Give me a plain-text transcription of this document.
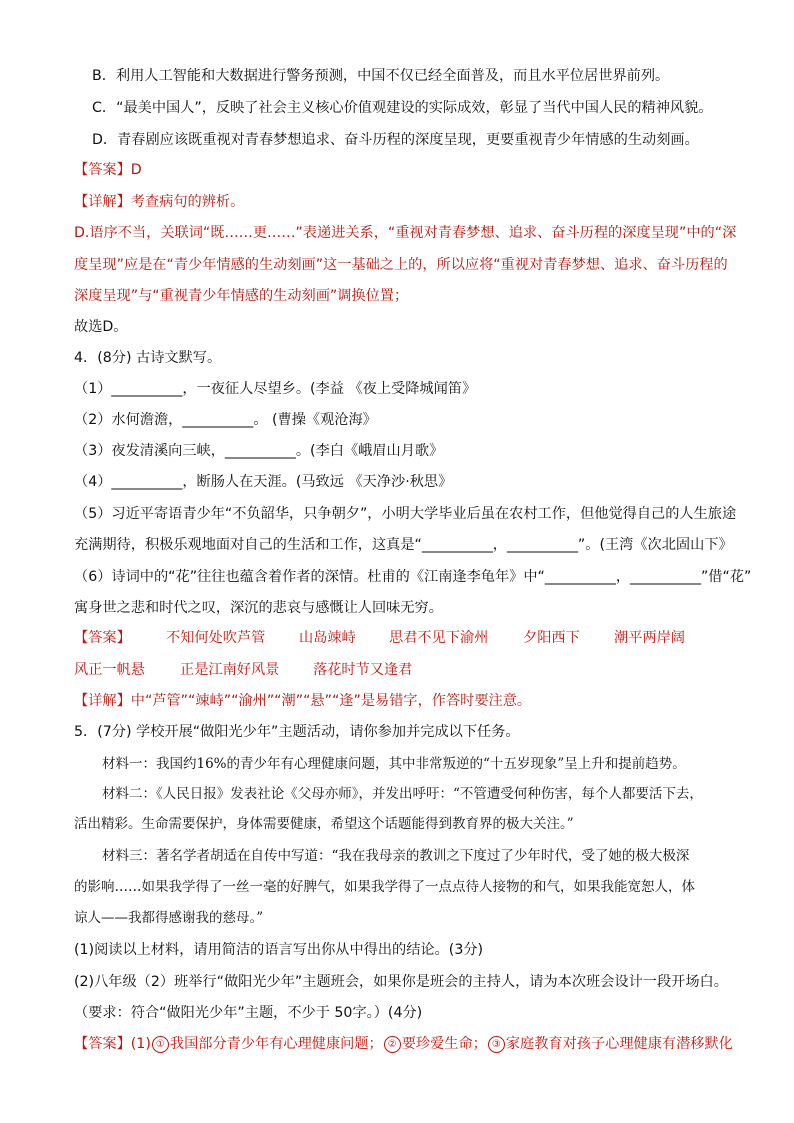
B．利用人工智能和大数据进行警务预测，中国不仅已经全面普及，而且水平位居世界前列。
C．“最美中国人”，反映了社会主义核心价值观建设的实际成效，彰显了当代中国人民的精神风貌。
D．青春剧应该既重视对青春梦想追求、奋斗历程的深度呈现，更要重视青少年情感的生动刻画。
【答案】D
【详解】考查病句的辨析。
D.语序不当，关联词“既……更……”表递进关系，“重视对青春梦想、追求、奋斗历程的深度呈现”中的“深
度呈现”应是在“青少年情感的生动刻画”这一基础之上的，所以应将“重视对青春梦想、追求、奋斗历程的
深度呈现”与“重视青少年情感的生动刻画”调换位置；
故选D。
4．(8分) 古诗文默写。
（1）__________，一夜征人尽望乡。(李益 《夜上受降城闻笛》
（2）水何澹澹，__________。 (曹操《观沧海》
（3）夜发清溪向三峡，__________。(李白《峨眉山月歌》
（4）__________，断肠人在天涯。(马致远 《天净沙·秋思》
（5）习近平寄语青少年“不负韶华，只争朝夕”，小明大学毕业后虽在农村工作，但他觉得自己的人生旅途
充满期待，积极乐观地面对自己的生活和工作，这真是“__________，__________”。(王湾《次北固山下》
（6）诗词中的“花”往往也蕴含着作者的深情。杜甫的《江南逢李龟年》中“__________，__________”借“花”
寓身世之悲和时代之叹，深沉的悲哀与感慨让人回味无穷。
【答案】 不知何处吹芦管 山岛竦峙 思君不见下渝州 夕阳西下 潮平两岸阔
风正一帆悬 正是江南好风景 落花时节又逢君
【详解】中“芦管”“竦峙”“渝州”“潮”“悬”“逢”是易错字，作答时要注意。
5．(7分) 学校开展“做阳光少年”主题活动，请你参加并完成以下任务。
材料一：我国约16%的青少年有心理健康问题，其中非常叛逆的“十五岁现象”呈上升和提前趋势。
材料二：《人民日报》发表社论《父母亦师》，并发出呼吁：“不管遭受何种伤害，每个人都要活下去，
活出精彩。生命需要保护，身体需要健康，希望这个话题能得到教育界的极大关注。”
材料三：著名学者胡适在自传中写道：“我在我母亲的教训之下度过了少年时代，受了她的极大极深
的影响……如果我学得了一丝一毫的好脾气，如果我学得了一点点待人接物的和气，如果我能宽恕人，体
谅人——我都得感谢我的慈母。”
(1)阅读以上材料，请用简洁的语言写出你从中得出的结论。(3分)
(2)八年级（2）班举行“做阳光少年”主题班会，如果你是班会的主持人，请为本次班会设计一段开场白。
（要求：符合“做阳光少年”主题，不少于 50字。）(4分)
【答案】(1) ① 我国部分青少年有心理健康问题； ② 要珍爱生命； ③ 家庭教育对孩子心理健康有潜移默化
